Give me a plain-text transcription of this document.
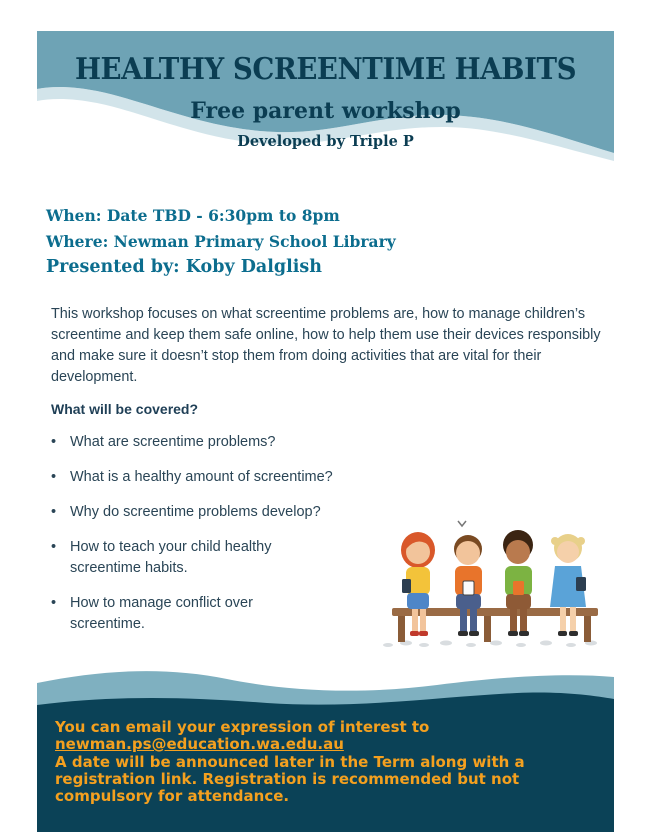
HEALTHY SCREENTIME HABITS
Free parent workshop
Developed by Triple P
When: Date TBD - 6:30pm to 8pm
Where: Newman Primary School Library
Presented by: Koby Dalglish

This workshop focuses on what screentime problems are, how to manage children’s screentime and keep them safe online, how to help them use their devices responsibly and make sure it doesn’t stop them from doing activities that are vital for their development.

What will be covered?
• What are screentime problems?
• What is a healthy amount of screentime?
• Why do screentime problems develop?
• How to teach your child healthy screentime habits.
• How to manage conflict over screentime.
You can email your expression of interest to
newman.ps@education.wa.edu.au
A date will be announced later in the Term along with a registration link. Registration is recommended but not compulsory for attendance.
